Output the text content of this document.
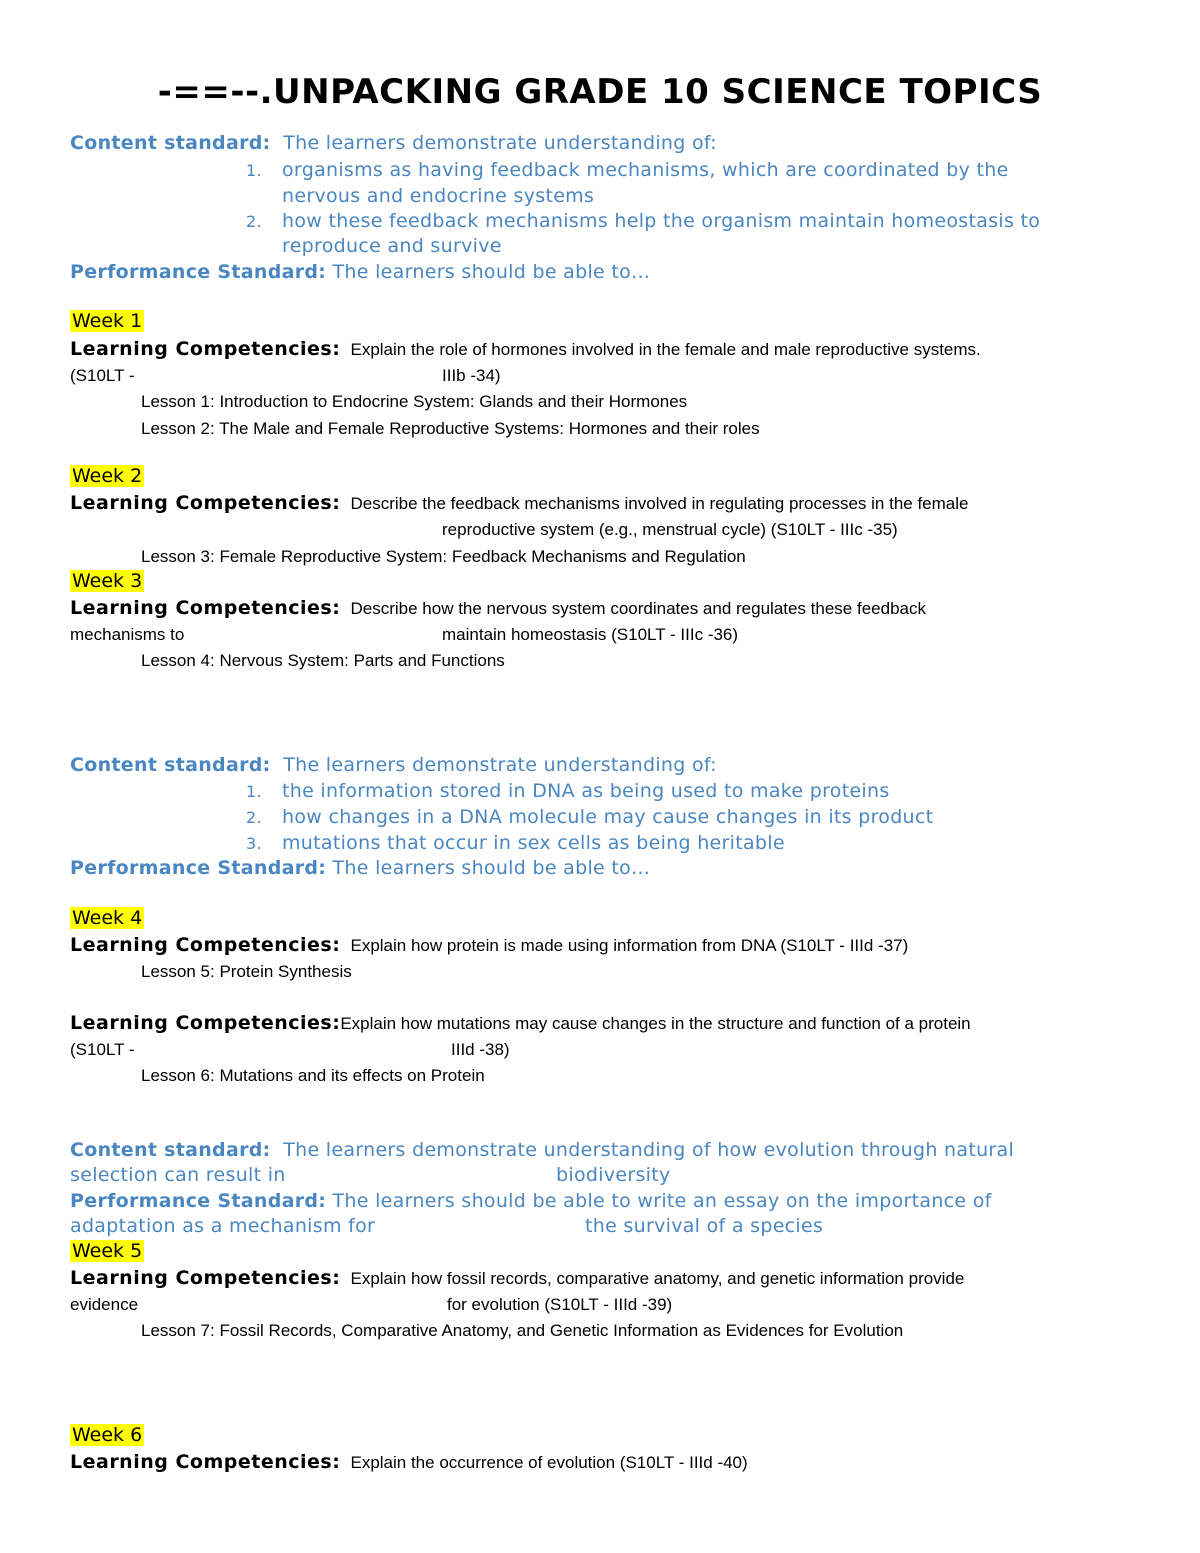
-==--.UNPACKING GRADE 10 SCIENCE TOPICS
Content standard: The learners demonstrate understanding of:
1. organisms as having feedback mechanisms, which are coordinated by the
nervous and endocrine systems
2. how these feedback mechanisms help the organism maintain homeostasis to
reproduce and survive
Performance Standard: The learners should be able to…
Week 1
Learning Competencies: Explain the role of hormones involved in the female and male reproductive systems.
(S10LT -	IIIb -34)
Lesson 1: Introduction to Endocrine System: Glands and their Hormones
Lesson 2: The Male and Female Reproductive Systems: Hormones and their roles
Week 2
Learning Competencies: Describe the feedback mechanisms involved in regulating processes in the female
reproductive system (e.g., menstrual cycle) (S10LT - IIIc -35)
Lesson 3: Female Reproductive System: Feedback Mechanisms and Regulation
Week 3
Learning Competencies: Describe how the nervous system coordinates and regulates these feedback
mechanisms to	maintain homeostasis (S10LT - IIIc -36)
Lesson 4: Nervous System: Parts and Functions
Content standard: The learners demonstrate understanding of:
1. the information stored in DNA as being used to make proteins
2. how changes in a DNA molecule may cause changes in its product
3. mutations that occur in sex cells as being heritable
Performance Standard: The learners should be able to…
Week 4
Learning Competencies: Explain how protein is made using information from DNA (S10LT - IIId -37)
Lesson 5: Protein Synthesis
Learning Competencies:Explain how mutations may cause changes in the structure and function of a protein
(S10LT -	IIId -38)
Lesson 6: Mutations and its effects on Protein
Content standard: The learners demonstrate understanding of how evolution through natural
selection can result in	biodiversity
Performance Standard: The learners should be able to write an essay on the importance of
adaptation as a mechanism for	the survival of a species
Week 5
Learning Competencies: Explain how fossil records, comparative anatomy, and genetic information provide
evidence	for evolution (S10LT - IIId -39)
Lesson 7: Fossil Records, Comparative Anatomy, and Genetic Information as Evidences for Evolution
Week 6
Learning Competencies: Explain the occurrence of evolution (S10LT - IIId -40)
